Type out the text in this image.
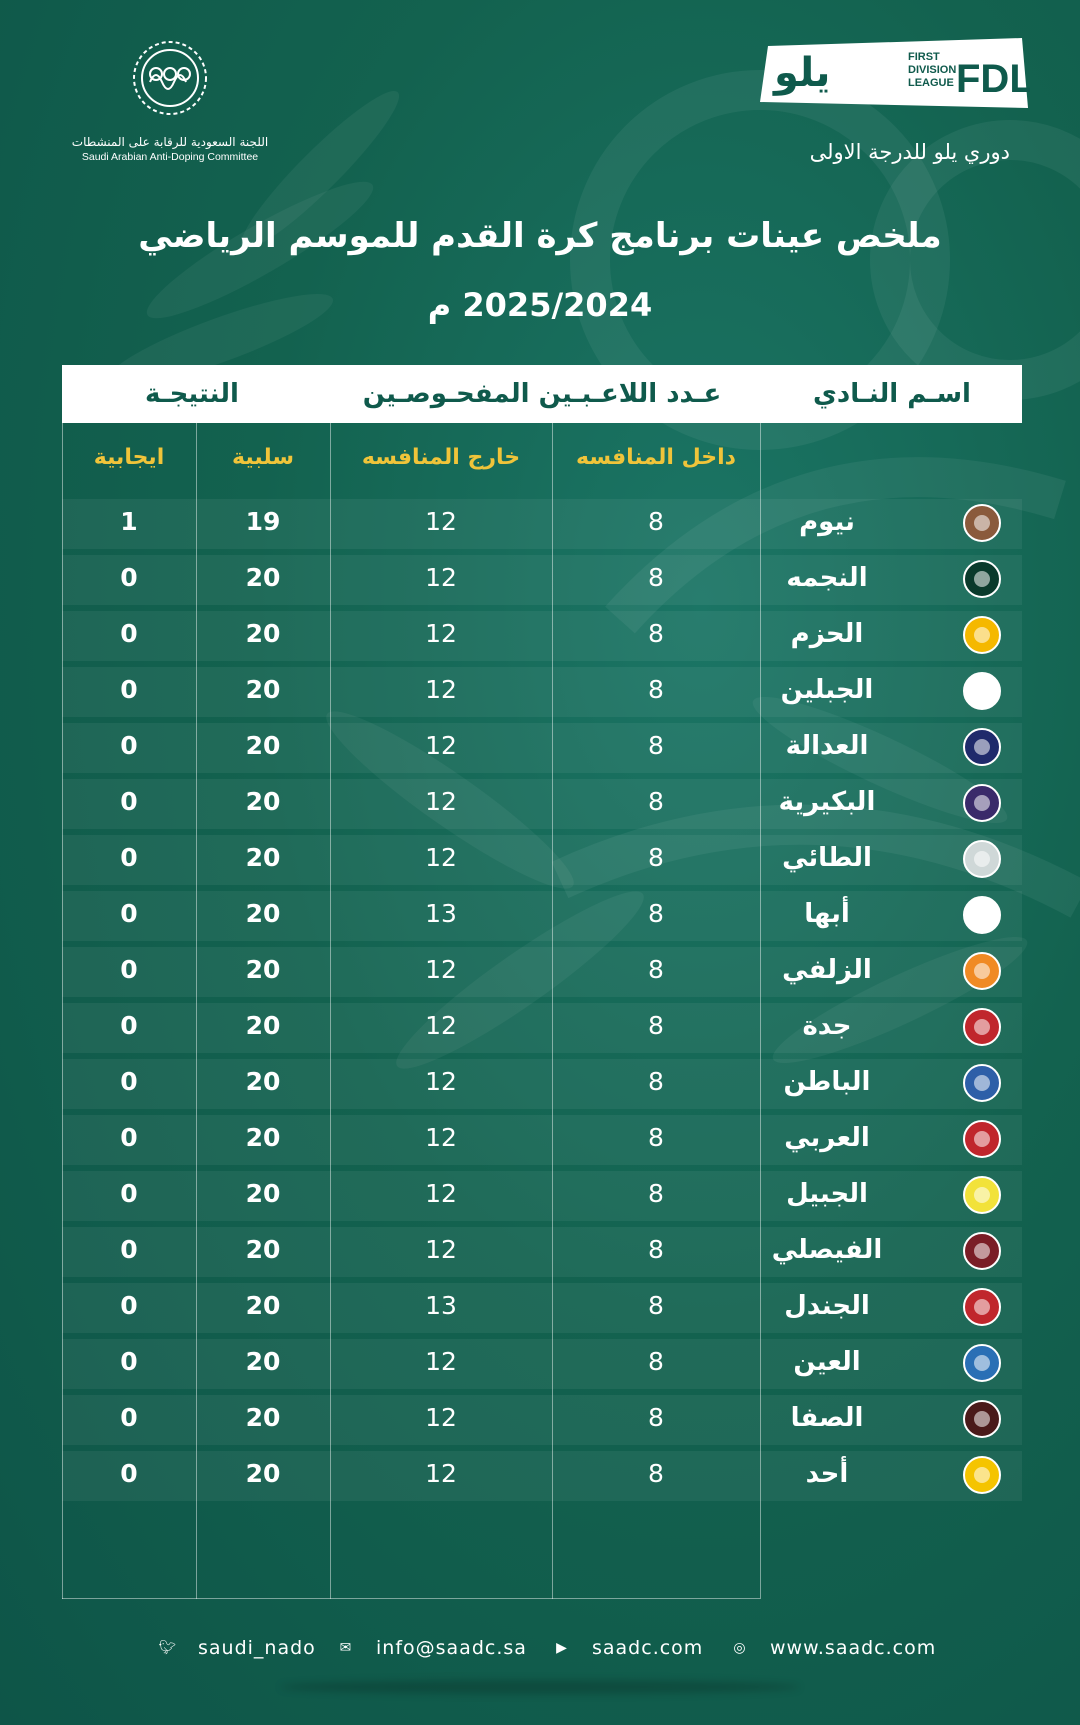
اللجنة السعودية للرقابة على المنشطات
Saudi Arabian Anti-Doping Committee
يلو	FIRST
DIVISION
LEAGUE FDL
دوري يلو للدرجة الاولى
ملخص عينات برنامج كرة القدم للموسم الرياضي
2025/2024 م
اسـم النـادي
عـدد اللاعـبـين المفحـوصـين
النتيجـة
داخل المنافسه
خارج المنافسه
سلبية
ايجابية
نيوم
8
12
19
1
النجمه
8
12
20
0
الحزم
8
12
20
0
الجبلين
8
12
20
0
العدالة
8
12
20
0
البكيرية
8
12
20
0
الطائي
8
12
20
0
أبها
8
13
20
0
الزلفي
8
12
20
0
جدة
8
12
20
0
الباطن
8
12
20
0
العربي
8
12
20
0
الجبيل
8
12
20
0
الفيصلي
8
12
20
0
الجندل
8
13
20
0
العين
8
12
20
0
الصفا
8
12
20
0
أحد
8
12
20
0
🐦︎ saudi_nado ✉ info@saadc.sa ▶ saadc.com ◎ www.saadc.com
